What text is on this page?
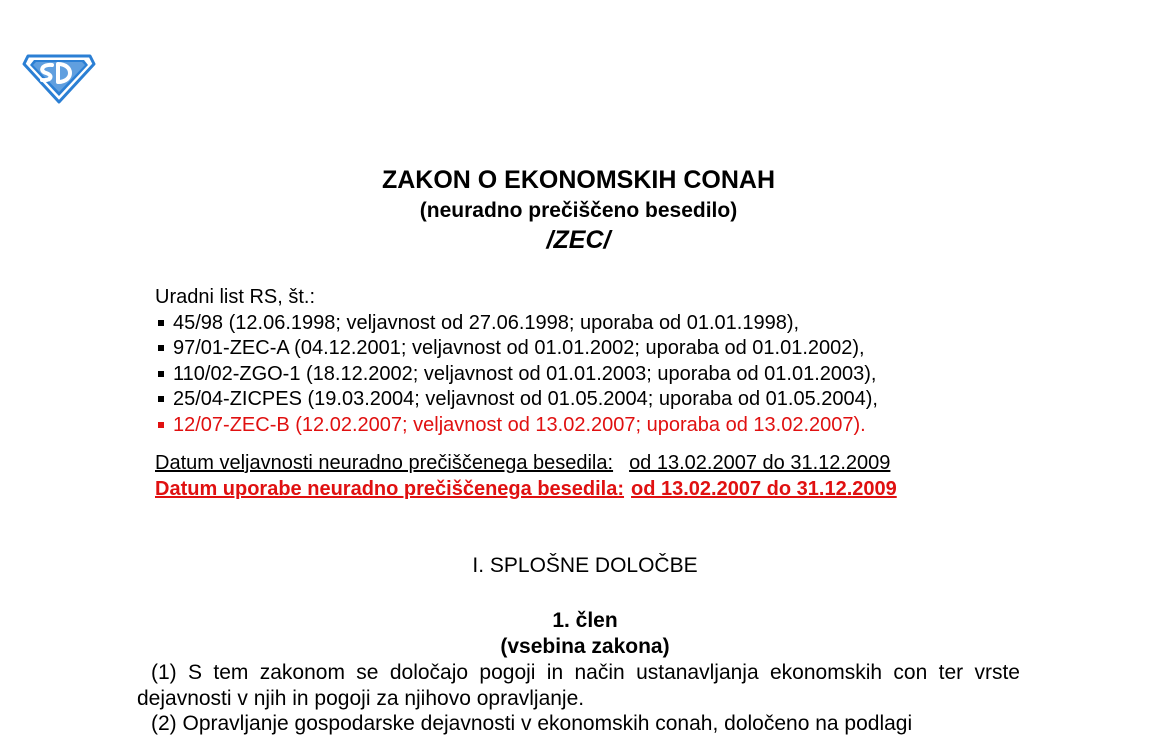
ZAKON O EKONOMSKIH CONAH
(neuradno prečiščeno besedilo)
/ZEC/
Uradni list RS, št.:
45/98 (12.06.1998; veljavnost od 27.06.1998; uporaba od 01.01.1998),
97/01-ZEC-A (04.12.2001; veljavnost od 01.01.2002; uporaba od 01.01.2002),
110/02-ZGO-1 (18.12.2002; veljavnost od 01.01.2003; uporaba od 01.01.2003),
25/04-ZICPES (19.03.2004; veljavnost od 01.05.2004; uporaba od 01.05.2004),
12/07-ZEC-B (12.02.2007; veljavnost od 13.02.2007; uporaba od 13.02.2007).
Datum veljavnosti neuradno prečiščenega besedila: od 13.02.2007 do 31.12.2009
Datum uporabe neuradno prečiščenega besedila: od 13.02.2007 do 31.12.2009
I. SPLOŠNE DOLOČBE
1. člen
(vsebina zakona)

(1) S tem zakonom se določajo pogoji in način ustanavljanja ekonomskih con ter vrste dejavnosti v njih in pogoji za njihovo opravljanje.

(2) Opravljanje gospodarske dejavnosti v ekonomskih conah, določeno na podlagi
